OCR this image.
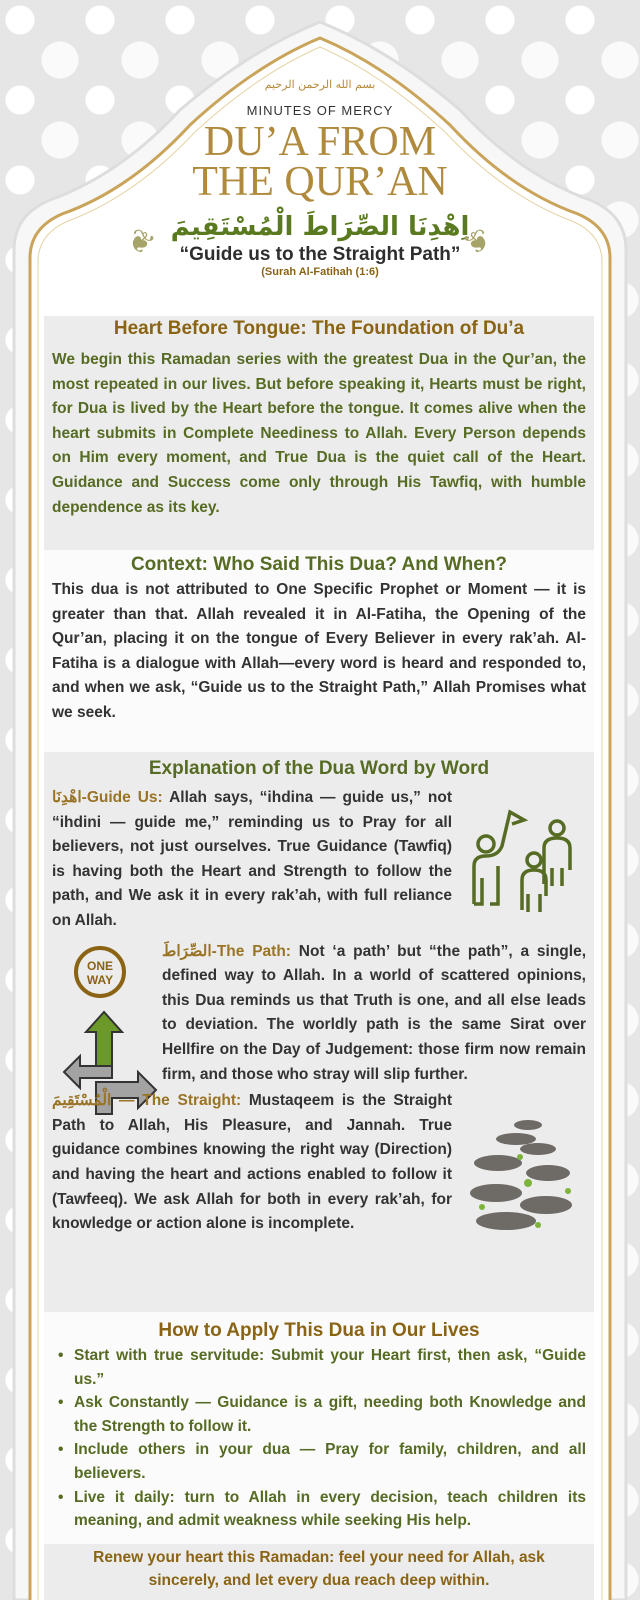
بسم الله الرحمن الرحيم
MINUTES OF MERCY
DU’A FROM
THE QUR’AN
اِهْدِنَا الصِّرَاطَ الْمُسْتَقِيمَ
“Guide us to the Straight Path”
(Surah Al-Fatihah (1:6)
❦	❦
Heart Before Tongue: The Foundation of Du’a

We begin this Ramadan series with the greatest Dua in the Qur’an, the most repeated in our lives. But before speaking it, Hearts must be right, for Dua is lived by the Heart before the tongue. It comes alive when the heart submits in Complete Neediness to Allah. Every Person depends on Him every moment, and True Dua is the quiet call of the Heart. Guidance and Success come only through His Tawfiq, with humble dependence as its key.

Context: Who Said This Dua? And When?

This dua is not attributed to One Specific Prophet or Moment — it is greater than that. Allah revealed it in Al-Fatiha, the Opening of the Qur’an, placing it on the tongue of Every Believer in every rak’ah. Al-Fatiha is a dialogue with Allah—every word is heard and responded to, and when we ask, “Guide us to the Straight Path,” Allah Promises what we seek.

Explanation of the Dua Word by Word

اهْدِنَا-Guide Us: Allah says, “ihdina — guide us,” not “ihdini — guide me,” reminding us to Pray for all believers, not just ourselves. True Guidance (Tawfiq) is having both the Heart and Strength to follow the path, and We ask it in every rak’ah, with full reliance on Allah.

ONE WAY

الصِّرَاطَ-The Path: Not ‘a path’ but “the path”, a single, defined way to Allah. In a world of scattered opinions, this Dua reminds us that Truth is one, and all else leads to deviation. The worldly path is the same Sirat over Hellfire on the Day of Judgement: those firm now remain firm, and those who stray will slip further.

الْمُسْتَقِيمَ — The Straight: Mustaqeem is the Straight Path to Allah, His Pleasure, and Jannah. True guidance combines knowing the right way (Direction) and having the heart and actions enabled to follow it (Tawfeeq). We ask Allah for both in every rak’ah, for knowledge or action alone is incomplete.

How to Apply This Dua in Our Lives
• Start with true servitude: Submit your Heart first, then ask, “Guide us.”
• Ask Constantly — Guidance is a gift, needing both Knowledge and the Strength to follow it.
• Include others in your dua — Pray for family, children, and all believers.
• Live it daily: turn to Allah in every decision, teach children its meaning, and admit weakness while seeking His help.

Renew your heart this Ramadan: feel your need for Allah, ask sincerely, and let every dua reach deep within.
